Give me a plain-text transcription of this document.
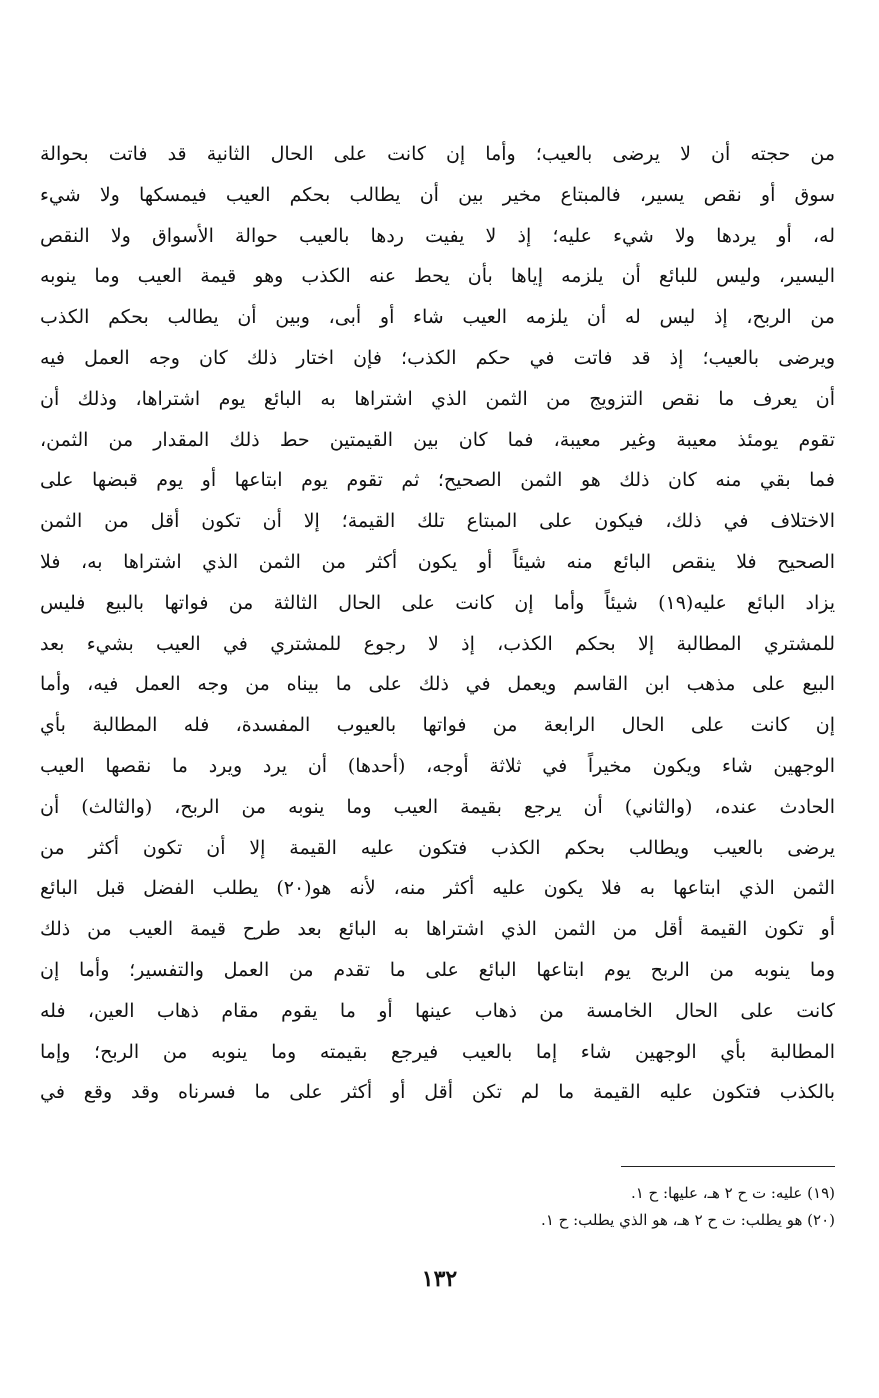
من حجته أن لا يرضى بالعيب؛ وأما إن كانت على الحال الثانية قد فاتت بحوالة
سوق أو نقص يسير، فالمبتاع مخير بين أن يطالب بحكم العيب فيمسكها ولا شيء
له، أو يردها ولا شيء عليه؛ إذ لا يفيت ردها بالعيب حوالة الأسواق ولا النقص
اليسير، وليس للبائع أن يلزمه إياها بأن يحط عنه الكذب وهو قيمة العيب وما ينوبه
من الربح، إذ ليس له أن يلزمه العيب شاء أو أبى، وبين أن يطالب بحكم الكذب
ويرضى بالعيب؛ إذ قد فاتت في حكم الكذب؛ فإن اختار ذلك كان وجه العمل فيه
أن يعرف ما نقص التزويج من الثمن الذي اشتراها به البائع يوم اشتراها، وذلك أن
تقوم يومئذ معيبة وغير معيبة، فما كان بين القيمتين حط ذلك المقدار من الثمن،
فما بقي منه كان ذلك هو الثمن الصحيح؛ ثم تقوم يوم ابتاعها أو يوم قبضها على
الاختلاف في ذلك، فيكون على المبتاع تلك القيمة؛ إلا أن تكون أقل من الثمن
الصحيح فلا ينقص البائع منه شيئاً أو يكون أكثر من الثمن الذي اشتراها به، فلا
يزاد البائع عليه(١٩) شيئاً وأما إن كانت على الحال الثالثة من فواتها بالبيع فليس
للمشتري المطالبة إلا بحكم الكذب، إذ لا رجوع للمشتري في العيب بشيء بعد
البيع على مذهب ابن القاسم ويعمل في ذلك على ما بيناه من وجه العمل فيه، وأما
إن كانت على الحال الرابعة من فواتها بالعيوب المفسدة، فله المطالبة بأي
الوجهين شاء ويكون مخيراً في ثلاثة أوجه، (أحدها) أن يرد ويرد ما نقصها العيب
الحادث عنده، (والثاني) أن يرجع بقيمة العيب وما ينوبه من الربح، (والثالث) أن
يرضى بالعيب ويطالب بحكم الكذب فتكون عليه القيمة إلا أن تكون أكثر من
الثمن الذي ابتاعها به فلا يكون عليه أكثر منه، لأنه هو(٢٠) يطلب الفضل قبل البائع
أو تكون القيمة أقل من الثمن الذي اشتراها به البائع بعد طرح قيمة العيب من ذلك
وما ينوبه من الربح يوم ابتاعها البائع على ما تقدم من العمل والتفسير؛ وأما إن
كانت على الحال الخامسة من ذهاب عينها أو ما يقوم مقام ذهاب العين، فله
المطالبة بأي الوجهين شاء إما بالعيب فيرجع بقيمته وما ينوبه من الربح؛ وإما
بالكذب فتكون عليه القيمة ما لم تكن أقل أو أكثر على ما فسرناه وقد وقع في
(١٩) عليه: ت ح ٢ هـ، عليها: ح ١.
(٢٠) هو يطلب: ت ح ٢ هـ، هو الذي يطلب: ح ١.
١٣٢
